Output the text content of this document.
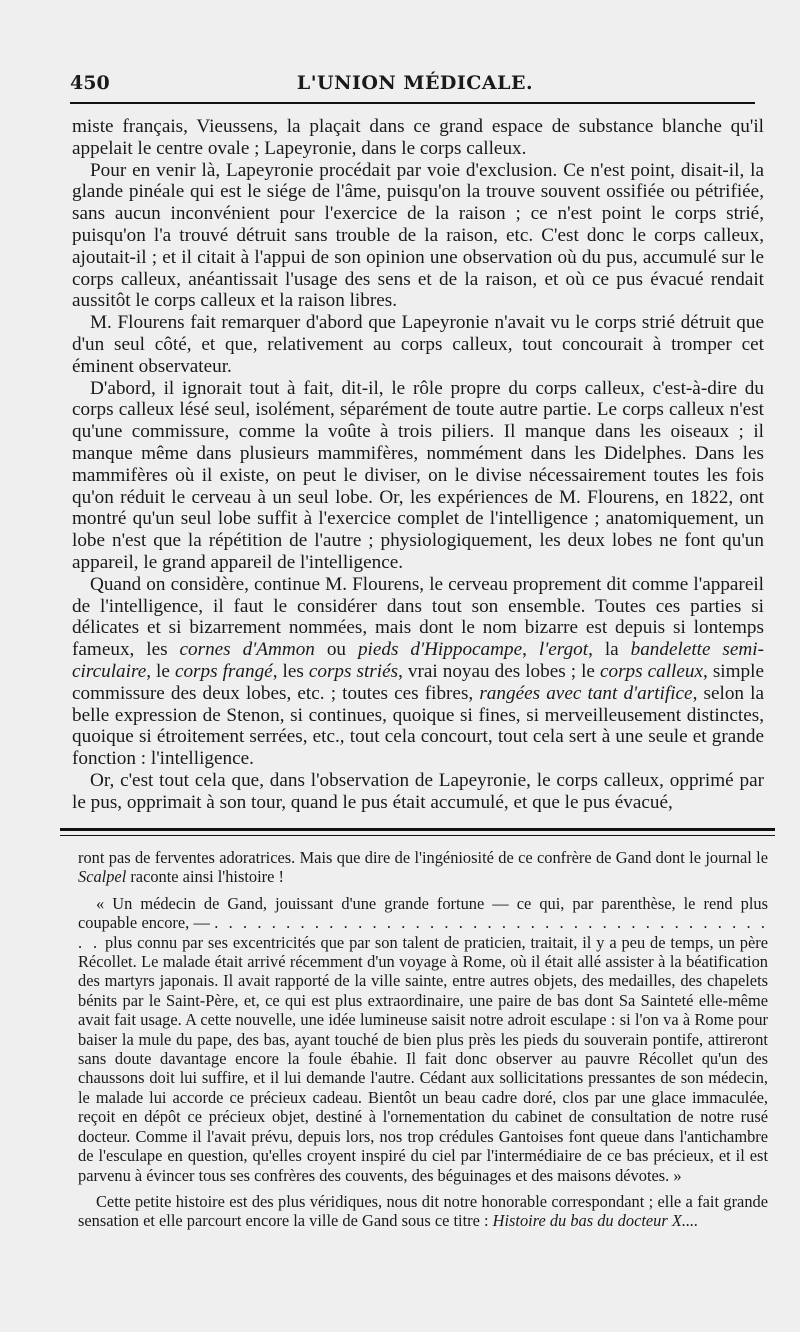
450	L'UNION MÉDICALE.

miste français, Vieussens, la plaçait dans ce grand espace de substance blanche qu'il appelait le centre ovale ; Lapeyronie, dans le corps calleux.

Pour en venir là, Lapeyronie procédait par voie d'exclusion. Ce n'est point, disait-il, la glande pinéale qui est le siége de l'âme, puisqu'on la trouve souvent ossifiée ou pétrifiée, sans aucun inconvénient pour l'exercice de la raison ; ce n'est point le corps strié, puisqu'on l'a trouvé détruit sans trouble de la raison, etc. C'est donc le corps calleux, ajoutait-il ; et il citait à l'appui de son opinion une observation où du pus, accumulé sur le corps calleux, anéantissait l'usage des sens et de la raison, et où ce pus évacué rendait aussitôt le corps calleux et la raison libres.

M. Flourens fait remarquer d'abord que Lapeyronie n'avait vu le corps strié détruit que d'un seul côté, et que, relativement au corps calleux, tout concourait à tromper cet éminent observateur.

D'abord, il ignorait tout à fait, dit-il, le rôle propre du corps calleux, c'est-à-dire du corps calleux lésé seul, isolément, séparément de toute autre partie. Le corps calleux n'est qu'une commissure, comme la voûte à trois piliers. Il manque dans les oiseaux ; il manque même dans plusieurs mammifères, nommément dans les Didelphes. Dans les mammifères où il existe, on peut le diviser, on le divise nécessairement toutes les fois qu'on réduit le cerveau à un seul lobe. Or, les expériences de M. Flourens, en 1822, ont montré qu'un seul lobe suffit à l'exercice complet de l'intelligence ; anatomiquement, un lobe n'est que la répétition de l'autre ; physiologiquement, les deux lobes ne font qu'un appareil, le grand appareil de l'intelligence.

Quand on considère, continue M. Flourens, le cerveau proprement dit comme l'appareil de l'intelligence, il faut le considérer dans tout son ensemble. Toutes ces parties si délicates et si bizarrement nommées, mais dont le nom bizarre est depuis si lontemps fameux, les cornes d'Ammon ou pieds d'Hippocampe, l'ergot, la bandelette semi-circulaire, le corps frangé, les corps striés, vrai noyau des lobes ; le corps calleux, simple commissure des deux lobes, etc. ; toutes ces fibres, rangées avec tant d'artifice, selon la belle expression de Stenon, si continues, quoique si fines, si merveilleusement distinctes, quoique si étroitement serrées, etc., tout cela concourt, tout cela sert à une seule et grande fonction : l'intelligence.

Or, c'est tout cela que, dans l'observation de Lapeyronie, le corps calleux, opprimé par le pus, opprimait à son tour, quand le pus était accumulé, et que le pus évacué,

ront pas de ferventes adoratrices. Mais que dire de l'ingéniosité de ce confrère de Gand dont le journal le Scalpel raconte ainsi l'histoire !

« Un médecin de Gand, jouissant d'une grande fortune — ce qui, par parenthèse, le rend plus coupable encore, — . . . . . . . . . . . . . . . . . . . . . . . . . . . . . . . . . . . . . . . . . plus connu par ses excentricités que par son talent de praticien, traitait, il y a peu de temps, un père Récollet. Le malade était arrivé récemment d'un voyage à Rome, où il était allé assister à la béatification des martyrs japonais. Il avait rapporté de la ville sainte, entre autres objets, des medailles, des chapelets bénits par le Saint-Père, et, ce qui est plus extraordinaire, une paire de bas dont Sa Sainteté elle-même avait fait usage. A cette nouvelle, une idée lumineuse saisit notre adroit esculape : si l'on va à Rome pour baiser la mule du pape, des bas, ayant touché de bien plus près les pieds du souverain pontife, attireront sans doute davantage encore la foule ébahie. Il fait donc observer au pauvre Récollet qu'un des chaussons doit lui suffire, et il lui demande l'autre. Cédant aux sollicitations pressantes de son médecin, le malade lui accorde ce précieux cadeau. Bientôt un beau cadre doré, clos par une glace immaculée, reçoit en dépôt ce précieux objet, destiné à l'ornementation du cabinet de consultation de notre rusé docteur. Comme il l'avait prévu, depuis lors, nos trop crédules Gantoises font queue dans l'antichambre de l'esculape en question, qu'elles croyent inspiré du ciel par l'intermédiaire de ce bas précieux, et il est parvenu à évincer tous ses confrères des couvents, des béguinages et des maisons dévotes. »

Cette petite histoire est des plus véridiques, nous dit notre honorable correspondant ; elle a fait grande sensation et elle parcourt encore la ville de Gand sous ce titre : Histoire du bas du docteur X....
